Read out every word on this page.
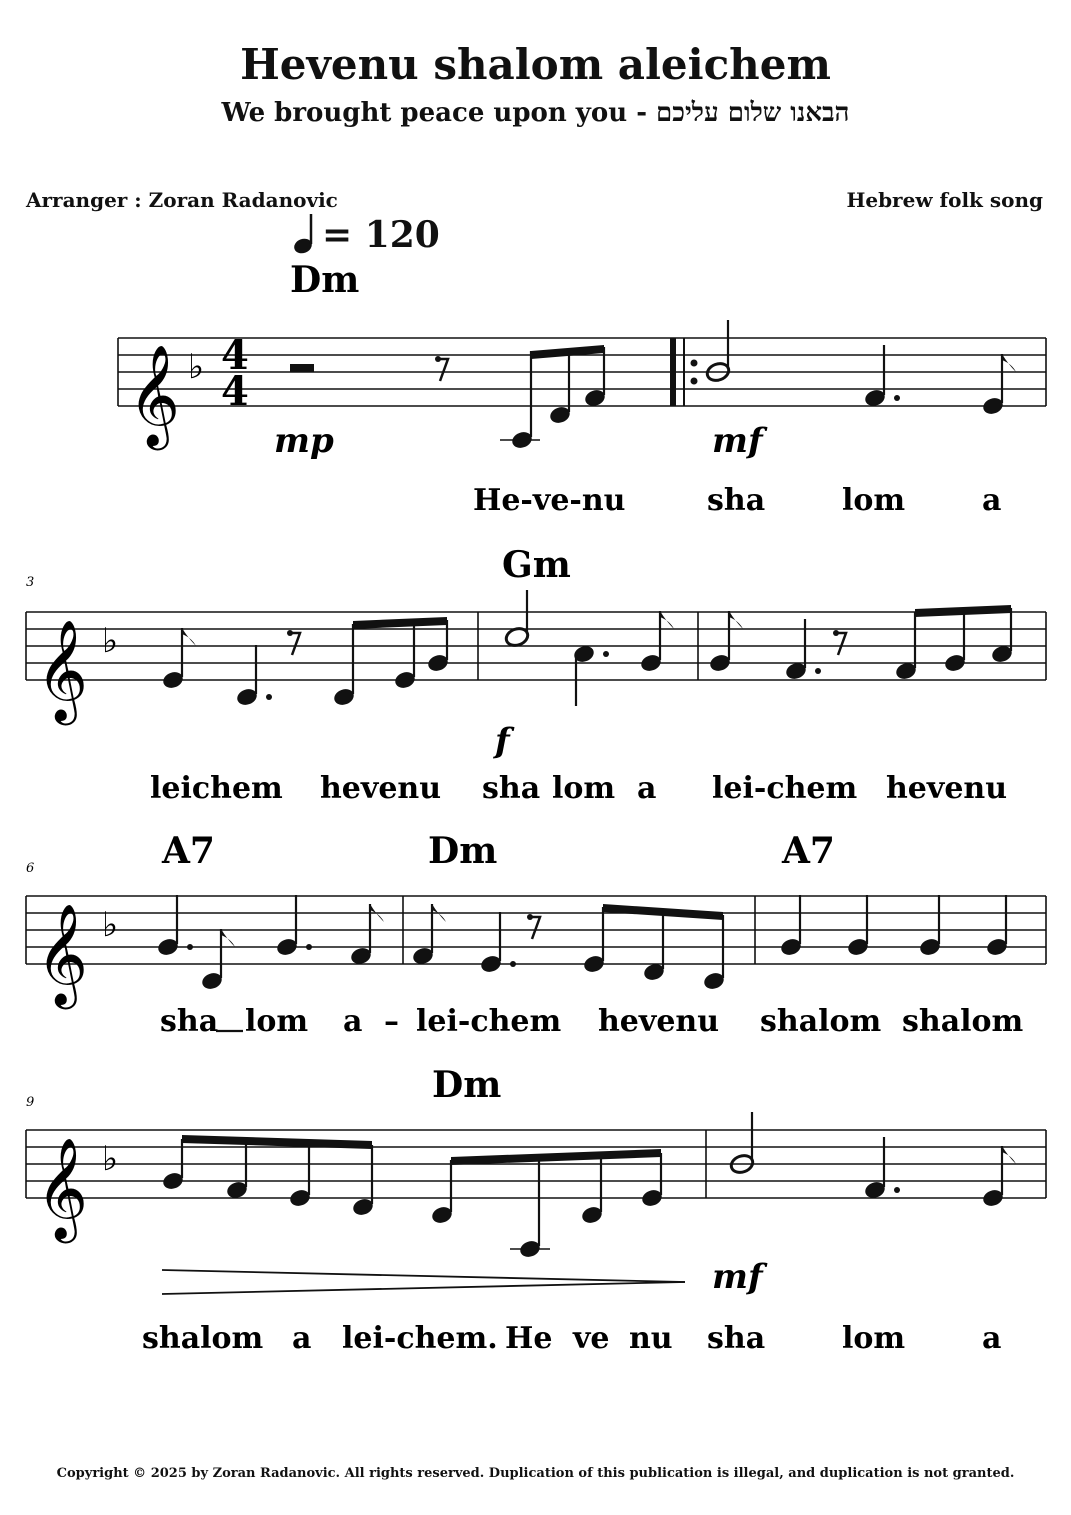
Hevenu shalom aleichem
We brought peace upon you - הבאנו שלום עליכם
Arranger : Zoran Radanovic	Hebrew folk song
= 120
Copyright © 2025 by Zoran Radanovic. All rights reserved. Duplication of this publication is illegal, and duplication is not granted.
𝄞 ♭ 4
4
Dm
mp	mf
He-ve-nu	sha	lom	a
3
𝄞 ♭
Gm
f
leichem hevenu sha lom a lei-chem hevenu
6
𝄞 ♭
A7	Dm	A7
sha lom a – lei-chem hevenu shalom shalom
9
𝄞 ♭
Dm
mf
shalom a lei-chem. He ve nu sha	lom	a
